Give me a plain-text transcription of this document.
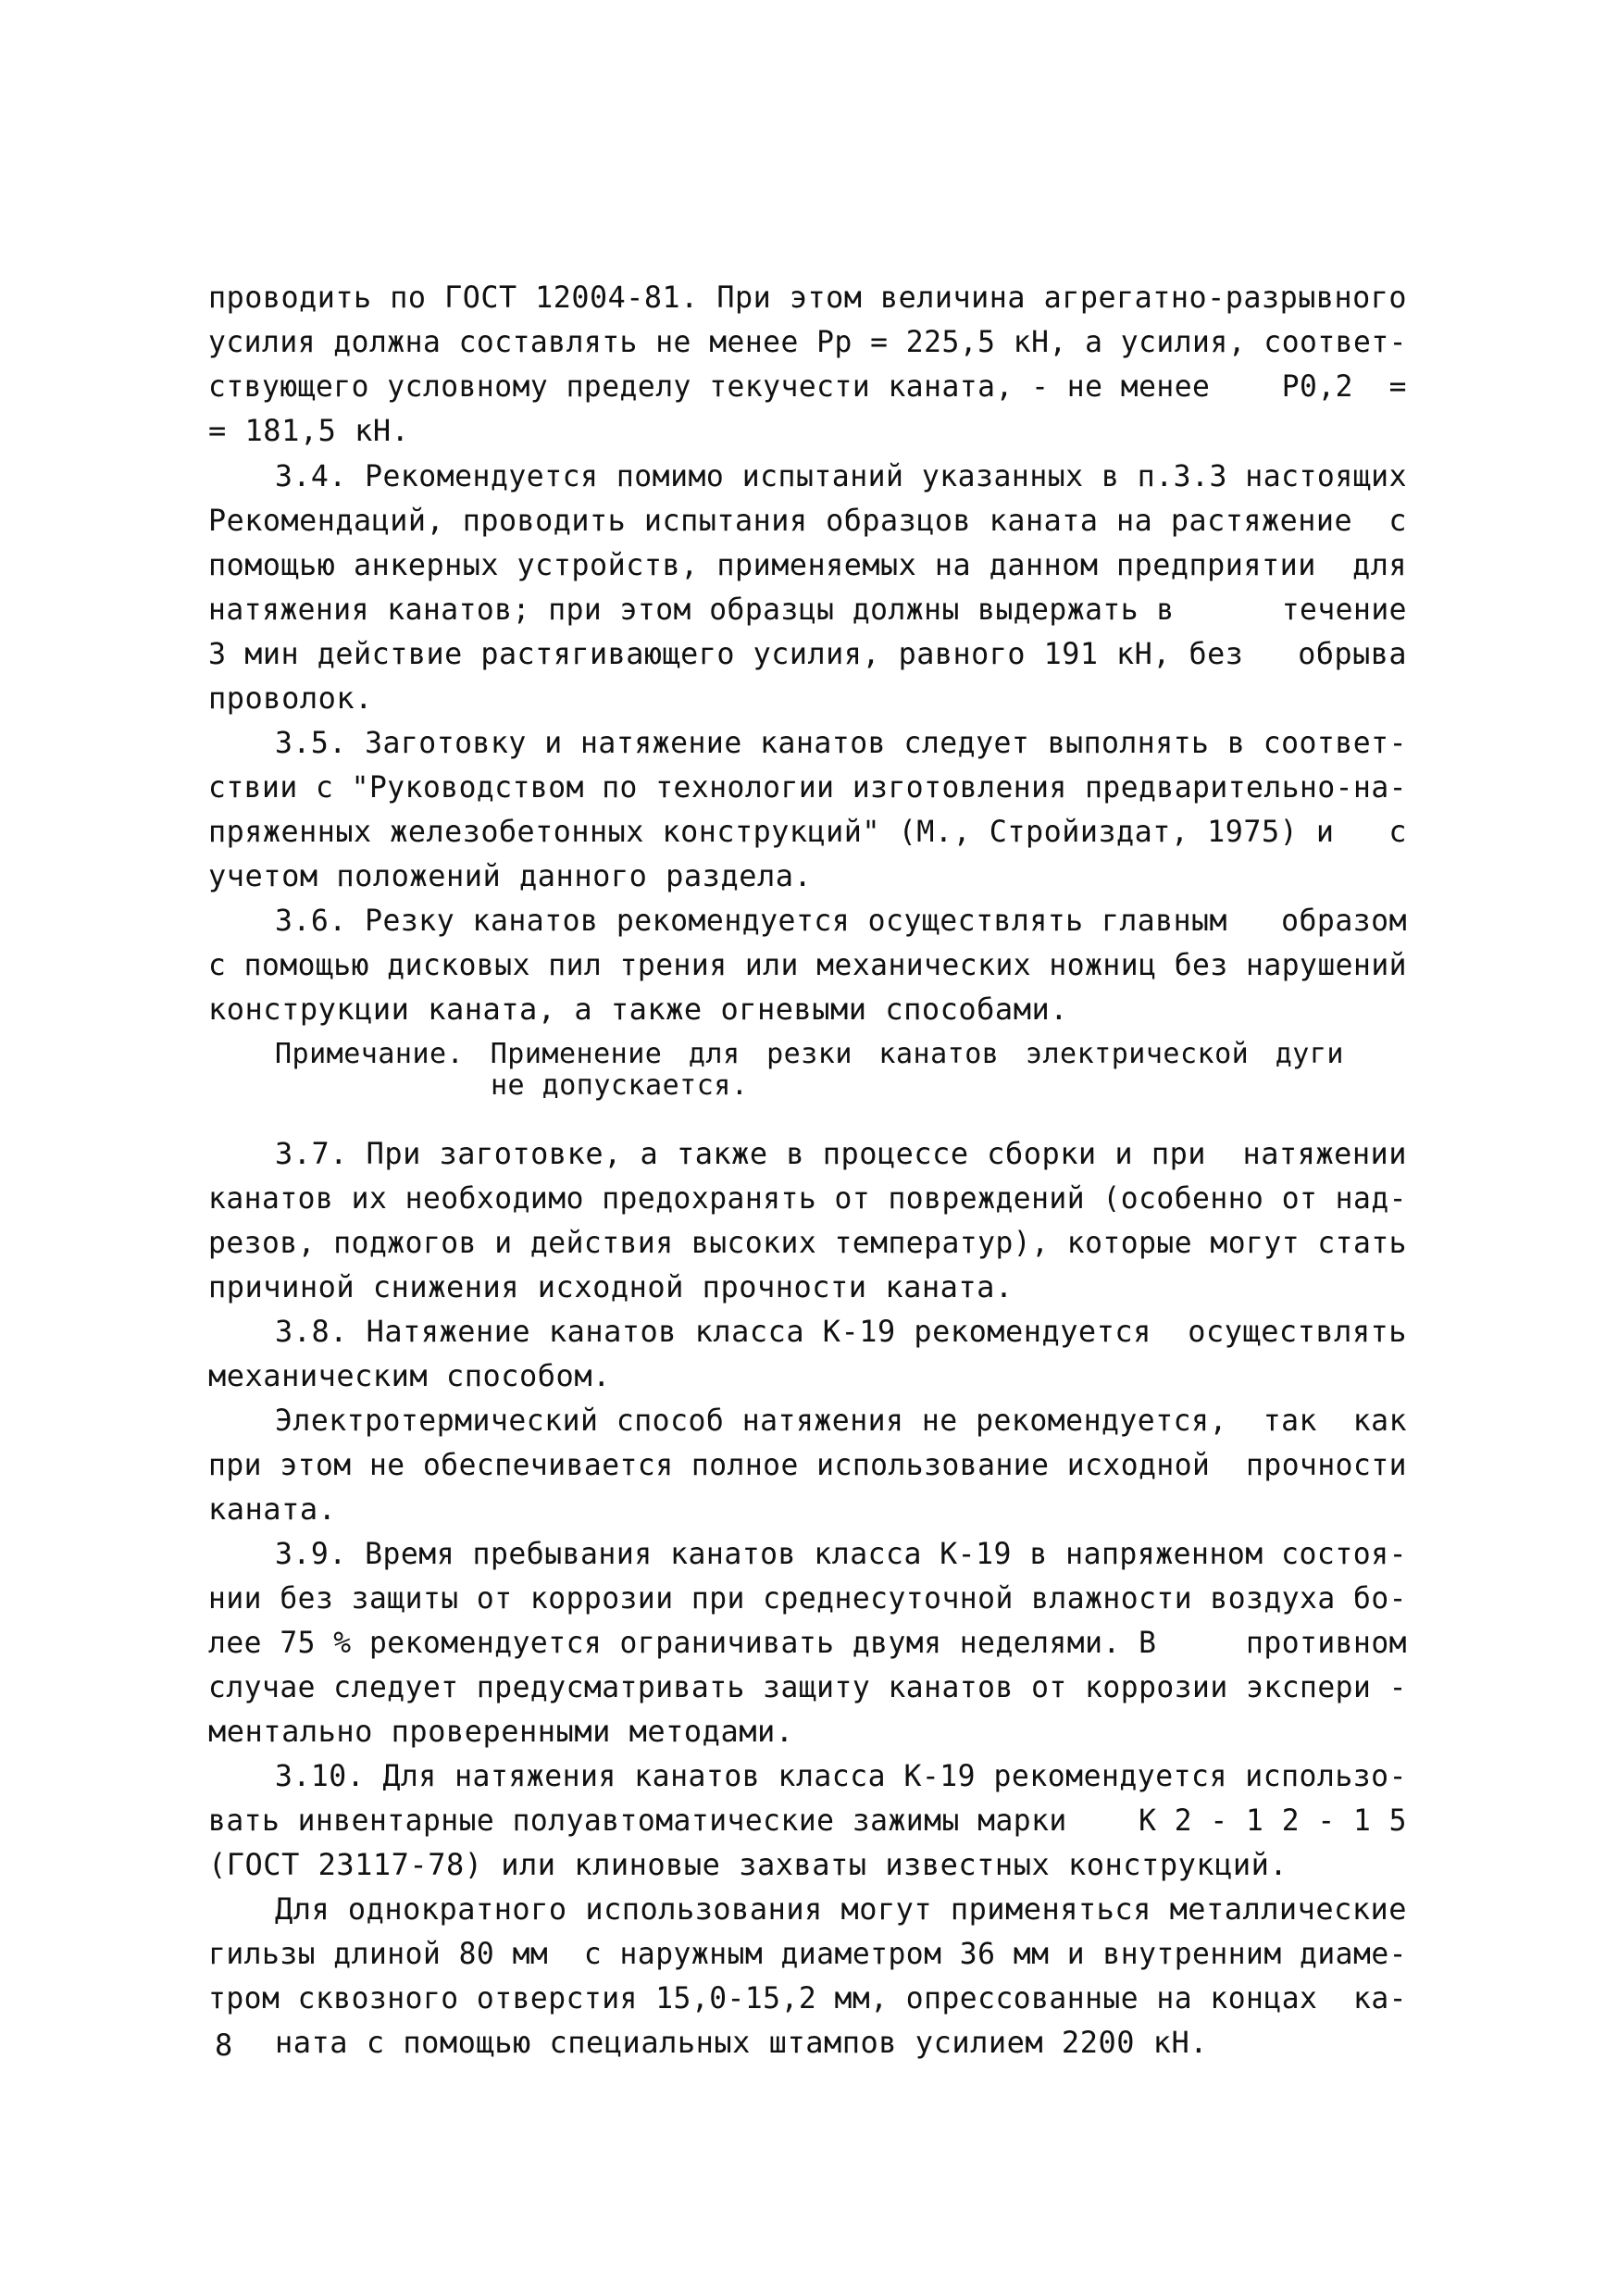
проводить по ГОСТ 12004-81. При этом величина агрегатно-разрывного
усилия должна составлять не менее Pр = 225,5 кН, а усилия, соответ-
ствующего условному пределу текучести каната, - не менее    P0,2  =
= 181,5 кН.
3.4. Рекомендуется помимо испытаний указанных в п.3.3 настоящих
Рекомендаций, проводить испытания образцов каната на растяжение  с
помощью анкерных устройств, применяемых на данном предприятии  для
натяжения канатов; при этом образцы должны выдержать в      течение
3 мин действие растягивающего усилия, равного 191 кН, без   обрыва
проволок.
3.5. Заготовку и натяжение канатов следует выполнять в соответ-
ствии с "Руководством по технологии изготовления предварительно-на-
пряженных железобетонных конструкций" (М., Стройиздат, 1975) и   с
учетом положений данного раздела.
3.6. Резку канатов рекомендуется осуществлять главным   образом
с помощью дисковых пил трения или механических ножниц без нарушений
конструкции каната, а также огневыми способами.
Примечание. Применение для резки канатов электрической дуги
не допускается.
3.7. При заготовке, а также в процессе сборки и при  натяжении
канатов их необходимо предохранять от повреждений (особенно от над-
резов, поджогов и действия высоких температур), которые могут стать
причиной снижения исходной прочности каната.
3.8. Натяжение канатов класса К-19 рекомендуется  осуществлять
механическим способом.
Электротермический способ натяжения не рекомендуется,  так  как
при этом не обеспечивается полное использование исходной  прочности
каната.
3.9. Время пребывания канатов класса К-19 в напряженном состоя-
нии без защиты от коррозии при среднесуточной влажности воздуха бо-
лее 75 % рекомендуется ограничивать двумя неделями. В     противном
случае следует предусматривать защиту канатов от коррозии экспери -
ментально проверенными методами.
3.10. Для натяжения канатов класса К-19 рекомендуется использо-
вать инвентарные полуавтоматические зажимы марки    К 2 - 1 2 - 1 5
(ГОСТ 23117-78) или клиновые захваты известных конструкций.
Для однократного использования могут применяться металлические
гильзы длиной 80 мм  с наружным диаметром 36 мм и внутренним диаме-
тром сквозного отверстия 15,0-15,2 мм, опрессованные на концах  ка-
ната с помощью специальных штампов усилием 2200 кН.
8
